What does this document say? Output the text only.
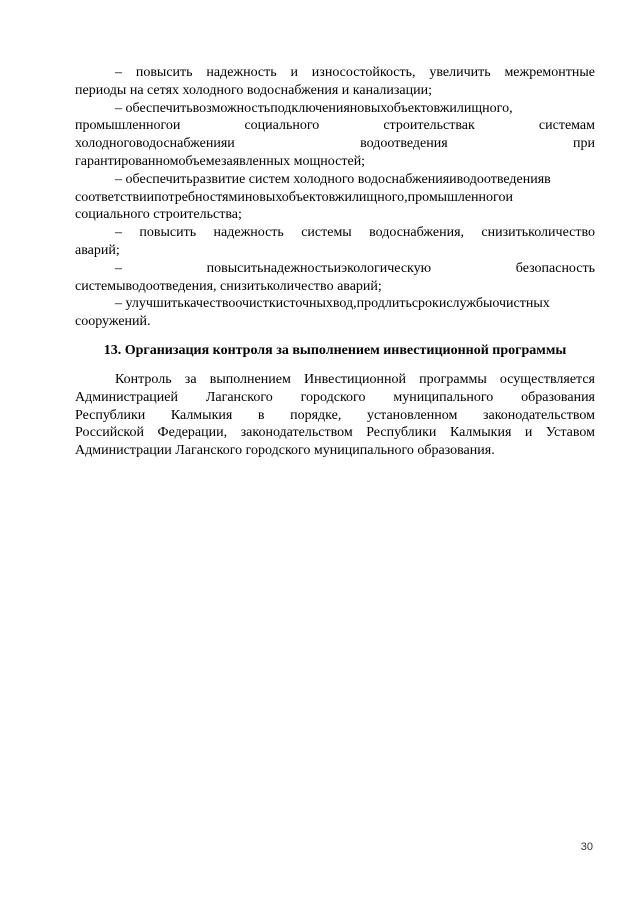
– повысить надежность и износостойкость, увеличить межремонтные
периоды на сетях холодного водоснабжения и канализации;
– обеспечитьвозможностьподключенияновыхобъектовжилищного,
промышленногои социального строительствак системам
холодноговодоснабженияи водоотведения при
гарантированномобъемезаявленных мощностей;
– обеспечитьразвитие систем холодного водоснабженияиводоотведенияв
соответствиипотребностяминовыхобъектовжилищного,промышленногои
социального строительства;
– повысить надежность системы водоснабжения, снизитьколичество
аварий;
– повыситьнадежностьиэкологическую безопасность
системыводоотведения, снизитьколичество аварий;
– улучшитькачествоочисткисточныхвод,продлитьсрокислужбыочистных
сооружений.
13. Организация контроля за выполнением инвестиционной программы
Контроль за выполнением Инвестиционной программы осуществляется
Администрацией Лаганского городского муниципального образования
Республики Калмыкия в порядке, установленном законодательством
Российской Федерации, законодательством Республики Калмыкия и Уставом
Администрации Лаганского городского муниципального образования.
30
